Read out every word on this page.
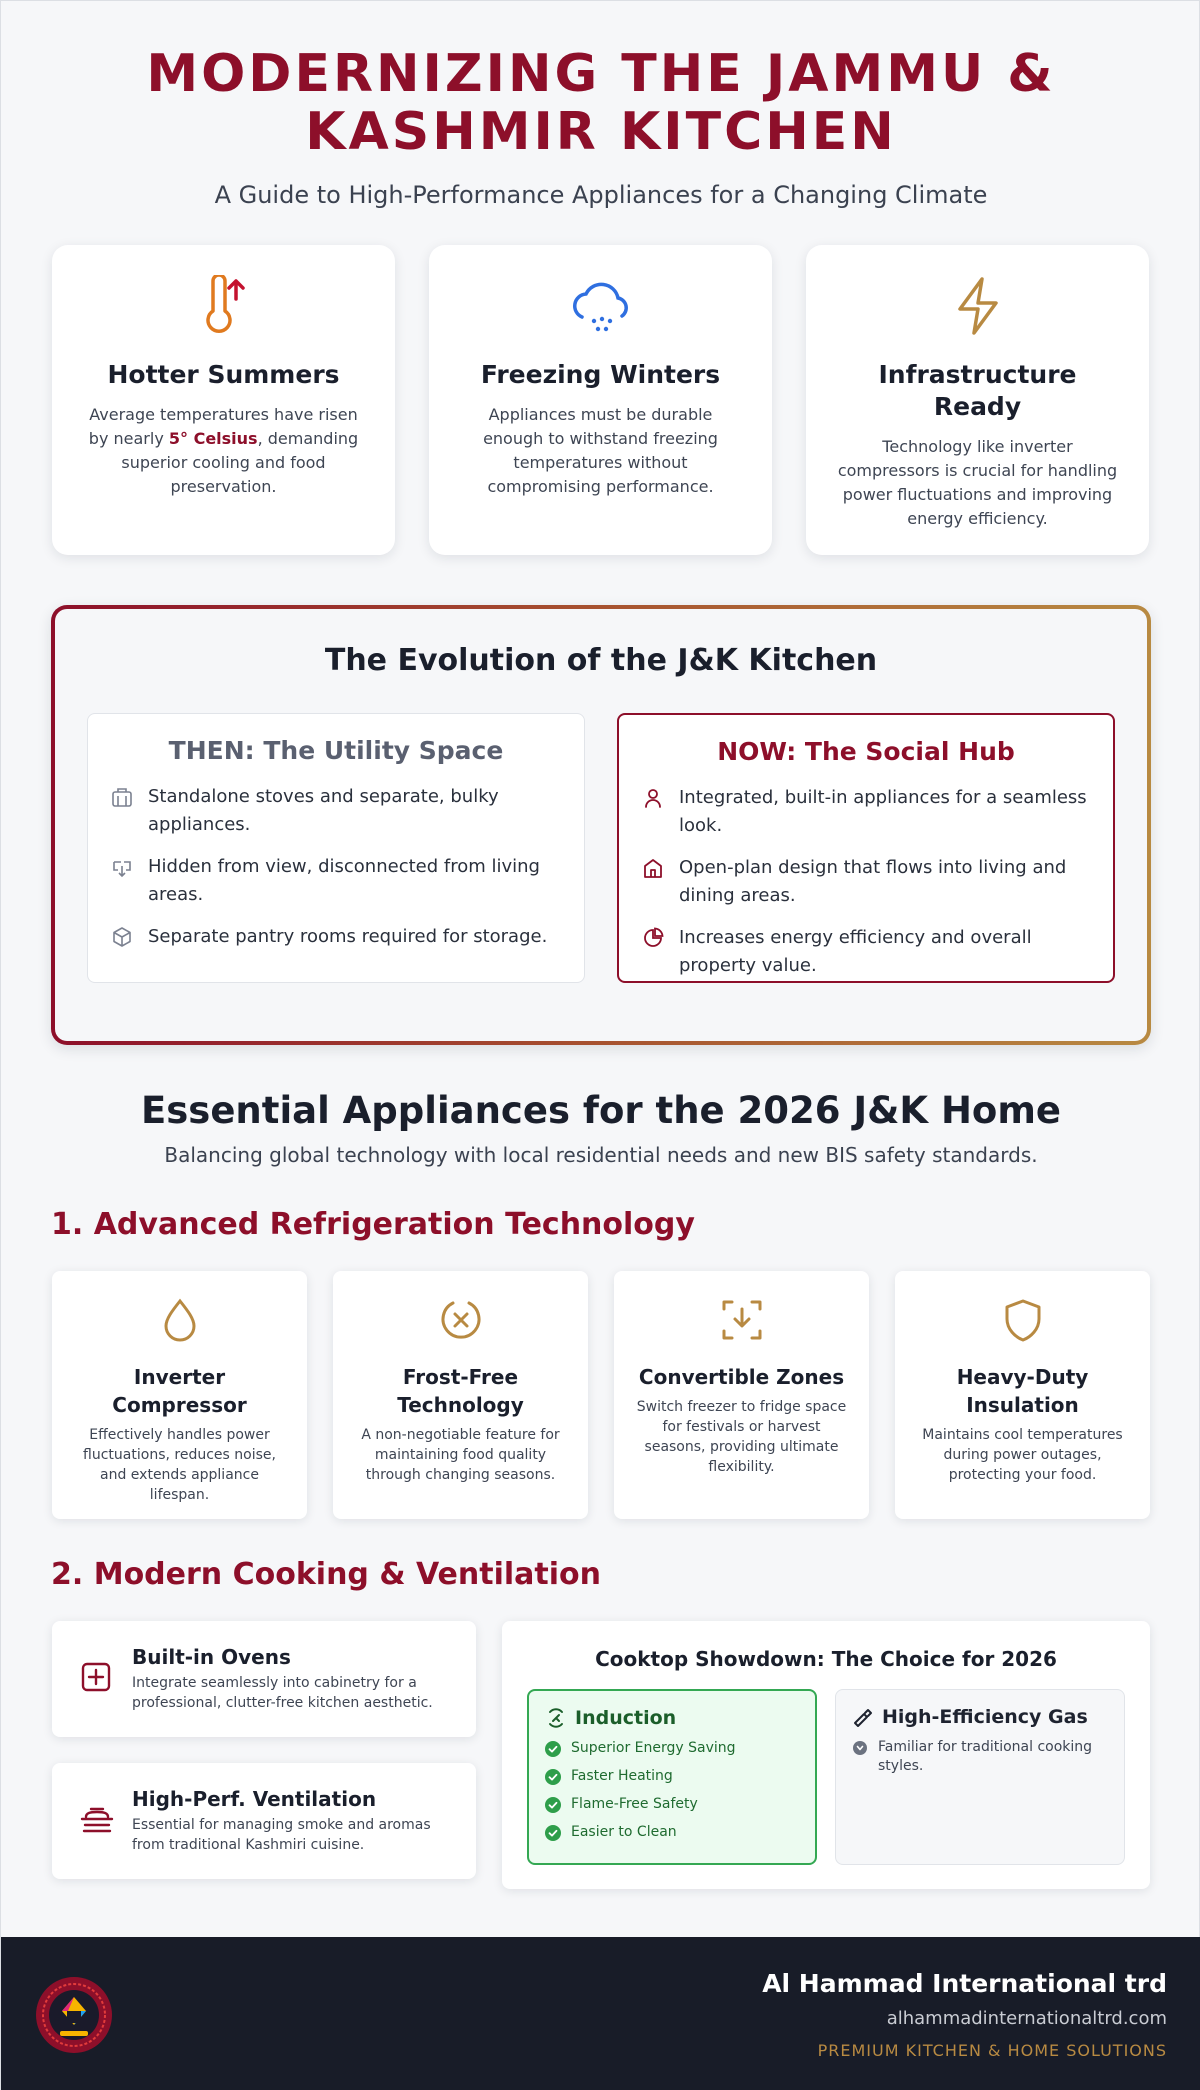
MODERNIZING THE JAMMU &
KASHMIR KITCHEN

A Guide to High-Performance Appliances for a Changing Climate

Hotter Summers

Average temperatures have risen by nearly 5° Celsius, demanding superior cooling and food preservation.

Freezing Winters

Appliances must be durable enough to withstand freezing temperatures without compromising performance.

Infrastructure Ready

Technology like inverter compressors is crucial for handling power fluctuations and improving energy efficiency.

The Evolution of the J&K Kitchen
THEN: The Utility Space
Standalone stoves and separate, bulky appliances.
Hidden from view, disconnected from living areas.
Separate pantry rooms required for storage.
NOW: The Social Hub
Integrated, built-in appliances for a seamless look.
Open-plan design that flows into living and dining areas.
Increases energy efficiency and overall property value.
Essential Appliances for the 2026 J&K Home
Balancing global technology with local residential needs and new BIS safety standards.
1. Advanced Refrigeration Technology
Inverter Compressor

Effectively handles power fluctuations, reduces noise, and extends appliance lifespan.

Frost-Free Technology

A non-negotiable feature for maintaining food quality through changing seasons.

Convertible Zones

Switch freezer to fridge space for festivals or harvest seasons, providing ultimate flexibility.

Heavy-Duty Insulation

Maintains cool temperatures during power outages, protecting your food.

2. Modern Cooking & Ventilation
Built-in Ovens

Integrate seamlessly into cabinetry for a professional, clutter-free kitchen aesthetic.

High-Perf. Ventilation

Essential for managing smoke and aromas from traditional Kashmiri cuisine.

Cooktop Showdown: The Choice for 2026
Induction
Superior Energy Saving
Faster Heating
Flame-Free Safety
Easier to Clean
High-Efficiency Gas
Familiar for traditional cooking styles.
Al Hammad International trd
alhammadinternationaltrd.com
PREMIUM KITCHEN & HOME SOLUTIONS
